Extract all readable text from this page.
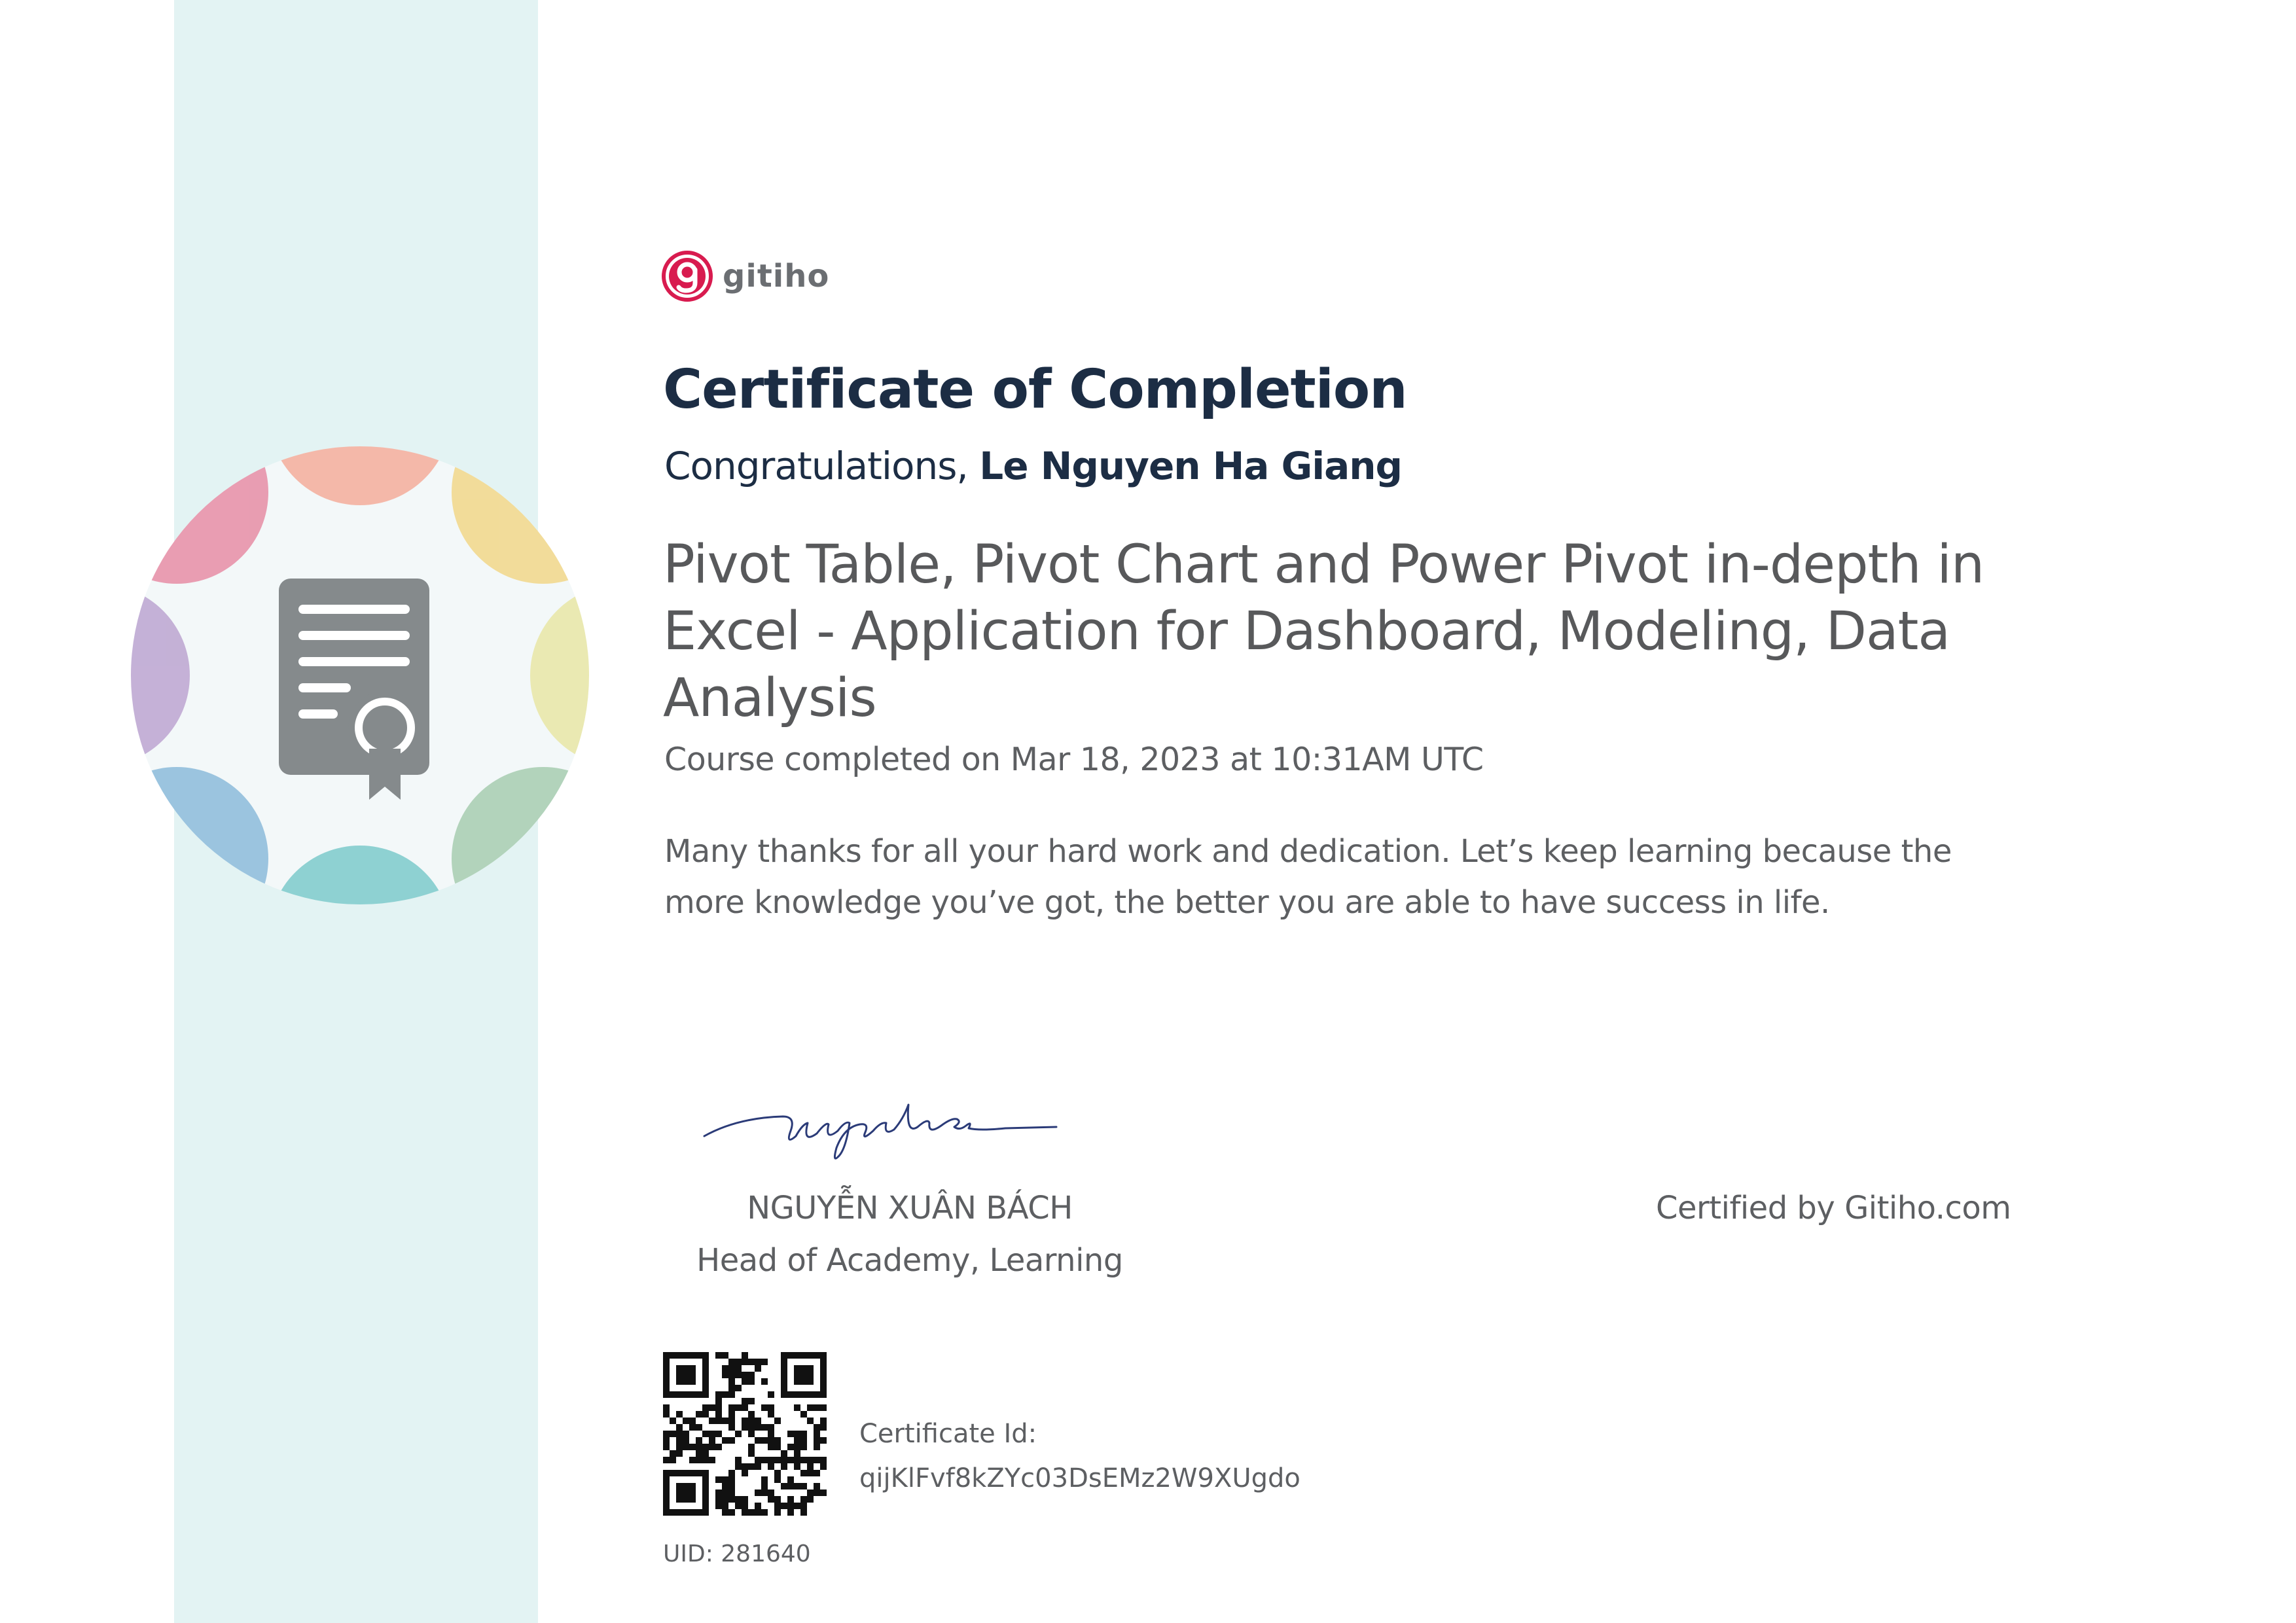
gitiho
Certificate of Completion
Congratulations, Le Nguyen Ha Giang
Pivot Table, Pivot Chart and Power Pivot in-depth in Excel - Application for Dashboard, Modeling, Data Analysis
Course completed on Mar 18, 2023 at 10:31AM UTC
Many thanks for all your hard work and dedication. Let’s keep learning because the more knowledge you’ve got, the better you are able to have success in life.
NGUYỄN XUÂN BÁCH
Head of Academy, Learning
Certified by Gitiho.com
Certificate Id:
qijKlFvf8kZYc03DsEMz2W9XUgdo
UID: 281640
